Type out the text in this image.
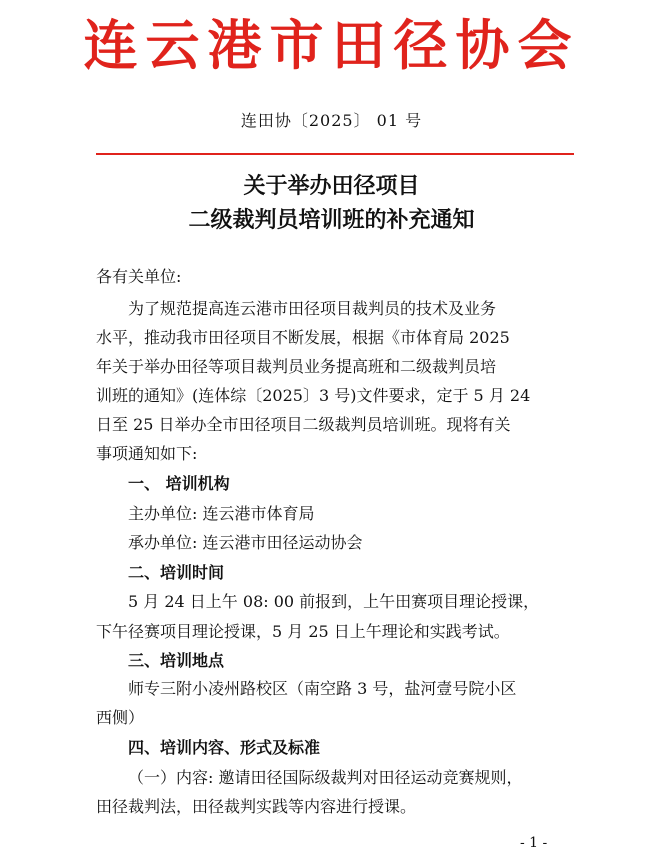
连云港市田径协会
连田协〔2025〕 01 号
关于举办田径项目
二级裁判员培训班的补充通知
各有关单位:
为了规范提高连云港市田径项目裁判员的技术及业务
水平，推动我市田径项目不断发展，根据《市体育局 2025
年关于举办田径等项目裁判员业务提高班和二级裁判员培
训班的通知》(连体综〔2025〕3 号)文件要求，定于 5 月 24
日至 25 日举办全市田径项目二级裁判员培训班。现将有关
事项通知如下:
一、 培训机构
主办单位: 连云港市体育局
承办单位: 连云港市田径运动协会
二、培训时间
5 月 24 日上午 08: 00 前报到，上午田赛项目理论授课，
下午径赛项目理论授课，5 月 25 日上午理论和实践考试。
三、培训地点
师专三附小凌州路校区（南空路 3 号，盐河壹号院小区
西侧）
四、培训内容、形式及标准
（一）内容: 邀请田径国际级裁判对田径运动竞赛规则，
田径裁判法，田径裁判实践等内容进行授课。
- 1 -
